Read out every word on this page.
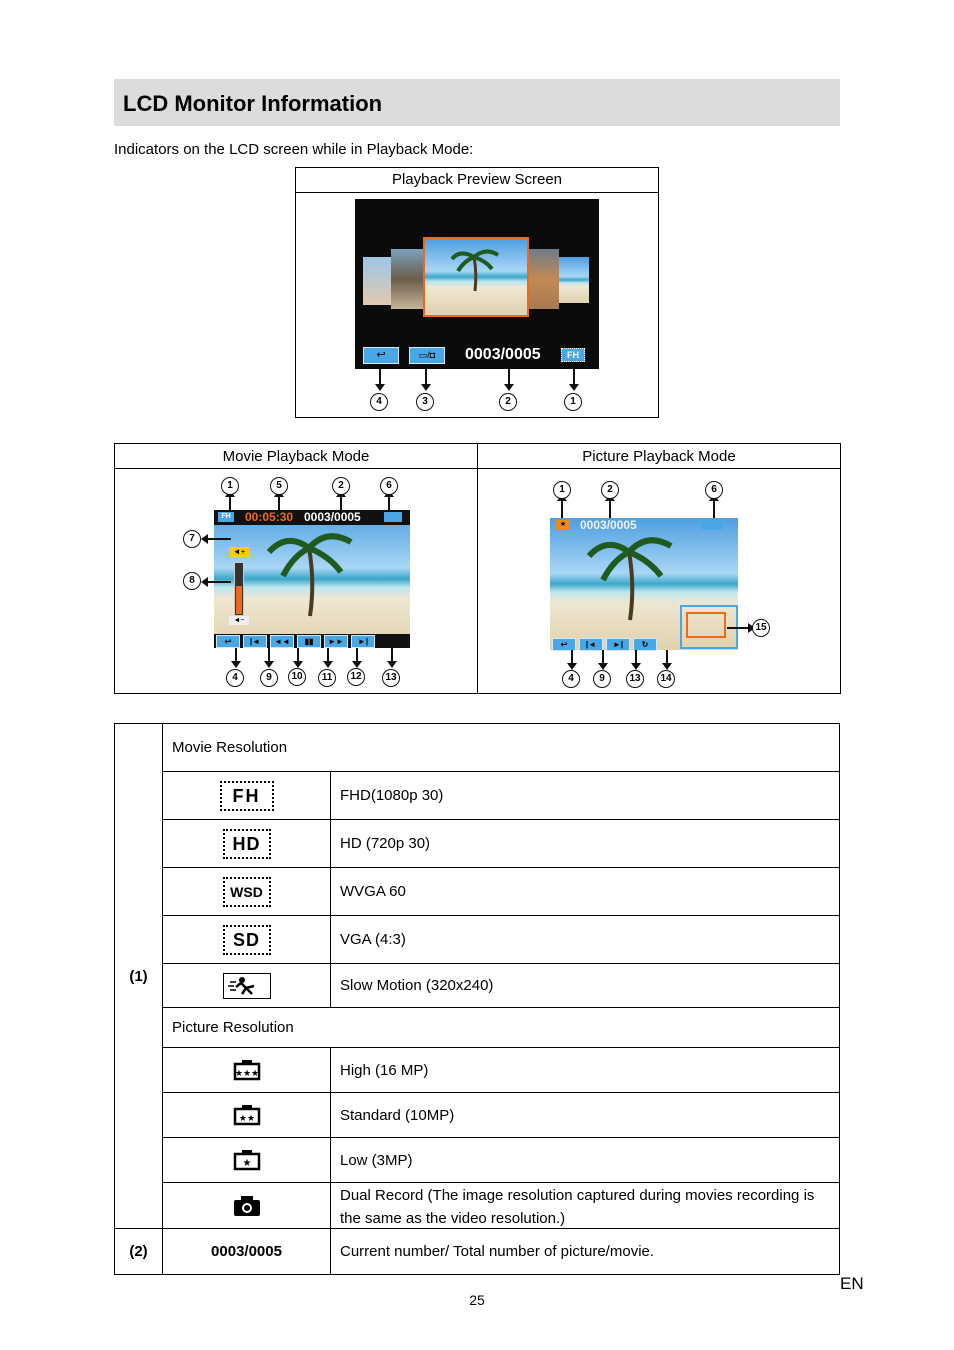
LCD Monitor Information
Indicators on the LCD screen while in Playback Mode:
Playback Preview Screen
↩	▭/◘	0003/0005	FH
4	3	2	1
Movie Playback Mode	Picture Playback Mode
FH 00:05:30 0003/0005
◄+
◄−
↩	|◄	◄◄	▮▮	►►	►|
1	5	2	6
7
8
4	9	10	11	12	13
★	0003/0005
↩	|◄	►|	↻
1	2	6
15
4	9	13	14
(1)
Movie Resolution
FH	FHD(1080p 30)
HD	HD (720p 30)
WSD	WVGA 60
SD	VGA (4:3)
Slow Motion (320x240)
Picture Resolution
★★★	High (16 MP)
★★	Standard (10MP)
★	Low (3MP)
Dual Record (The image resolution captured during movies recording is the same as the video resolution.)
(2)	0003/0005	Current number/ Total number of picture/movie.
25
EN
